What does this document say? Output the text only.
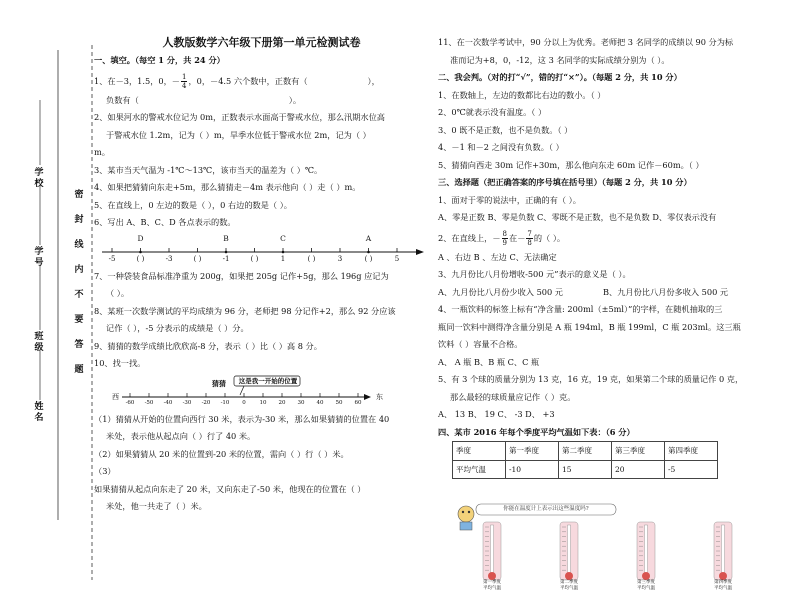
姓名
班级
学号
学校
密
封
线
内
不
要
答
题
人教版数学六年级下册第一单元检测试卷
一、填空。（每空 1 分，共 24 分）
1、在－3，1.5，0，－ $\frac{1}{4}$ ，0，－4.5 六个数中，正数有（	），
负数有（	）。
2、如果河水的警戒水位记为 0m，正数表示水面高于警戒水位，那么汛期水位高
于警戒水位 1.2m，记为（ ）m，旱季水位低于警戒水位 2m，记为（ ）
m。
3、某市当天气温为 -1℃～13℃，该市当天的温差为（ ）℃。
4、如果把猜猜向东走+5m，那么猜猜走－4m 表示他向（ ）走（ ）m。
5、在直线上，0 左边的数是（ ），0 右边的数是（ ）。
6、写出 A、B、C、D 各点表示的数。
D	B	C	A
-5	( )	-3	( )	-1	( )	1	( )	3	( )	5
7、一种袋装食品标准净重为 200g，如果把 205g 记作+5g，那么 196g 应记为
（ ）。
8、某班一次数学测试的平均成绩为 96 分，老师把 98 分记作+2，那么 92 分应该
记作（ ），-5 分表示的成绩是（ ）分。
9、猜猜的数学成绩比欣欣高-8 分，表示（ ）比（ ）高 8 分。
10、找一找。
猜猜	这是我一开始的位置
西	东
-60	-50	-40	-30	-20	-10	0	10	20	30	40	50	60
（1）猜猜从开始的位置向西行 30 米，表示为-30 米，那么如果猜猜的位置在 40
米处，表示他从起点向（ ）行了 40 米。
（2）如果猜猜从 20 米的位置到-20 米的位置，需向（ ）行（ ）米。
（3）
如果猜猜从起点向东走了 20 米，又向东走了-50 米，他现在的位置在（ ）
米处，他一共走了（ ）米。
11、在一次数学考试中，90 分以上为优秀。老师把 3 名同学的成绩以 90 分为标
准而记为+8，0，-12，这 3 名同学的实际成绩分别为（ ）。
二、我会判。（对的打“√”，错的打“×”）。（每题 2 分，共 10 分）
1、在数轴上，左边的数都比右边的数小。（ ）
2、0℃就表示没有温度。（ ）
3、0 既不是正数，也不是负数。（ ）
4、－1 和－2 之间没有负数。（ ）
5、猜猜向西走 30m 记作+30m，那么他向东走 60m 记作－60m。（ ）
三、选择题（把正确答案的序号填在括号里）（每题 2 分，共 10 分）
1、面对于零的说法中，正确的有（ ）。
A、零是正数 B、零是负数 C、零既不是正数，也不是负数 D、零仅表示没有
2、在直线上，－ $\frac{8}{9}$ 在－ $\frac{7}{8}$ 的（ ）。
A 、右边 B 、左边 C、无法确定
3、九月份比八月份增收-500 元”表示的意义是（ ）。
A、九月份比八月份少收入 500 元	B、九月份比八月份多收入 500 元
4、一瓶饮料的标签上标有“净含量: 200ml（±5ml）”的字样，在随机抽取的三
瓶同一饮料中测得净含量分别是 A 瓶 194ml，B 瓶 199ml，C 瓶 203ml。这三瓶
饮料（ ）容量不合格。
A、 A 瓶 B、B 瓶 C、C 瓶
5、有 3 个球的质量分别为 13 克，16 克，19 克，如果第二个球的质量记作 0 克，
那么最轻的球质量应记作（ ）克。
A、 13 B、 19 C、 -3 D、 +3
四、某市 2016 年每个季度平均气温如下表：（6 分）
季度	第一季度	第二季度	第三季度	第四季度
平均气温	-10	15	20	-5
你能在温度计上表示出这些温度吗?
第一季度
平均气温
第二季度
平均气温
第三季度
平均气温
第四季度
平均气温
